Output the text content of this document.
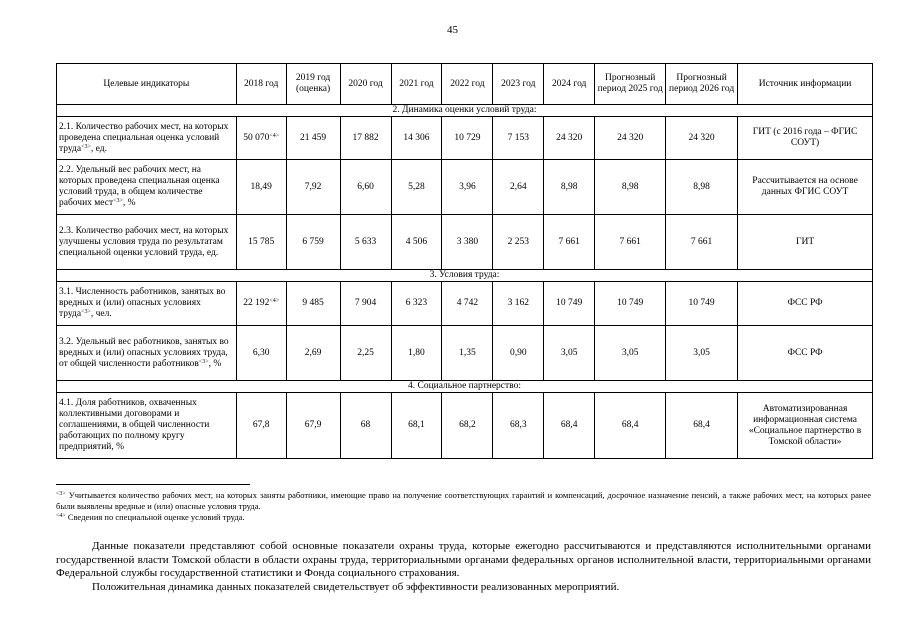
45
Целевые индикаторы	2018 год	2019 год (оценка)	2020 год	2021 год	2022 год	2023 год	2024 год	Прогнозный период 2025 год	Прогнозный период 2026 год	Источник информации
2. Динамика оценки условий труда:										
2.1. Количество рабочих мест, на которых проведена специальная оценка условий труда$^{<3>}$, ед.	50 $070^{<4>}$	21 459	17 882	14 306	10 729	7 153	24 320	24 320	24 320	ГИТ (с 2016 года – ФГИС СОУТ)
2.2. Удельный вес рабочих мест, на которых проведена специальная оценка условий труда, в общем количестве рабочих мест$^{<3>}$, %	18,49	7,92	6,60	5,28	3,96	2,64	8,98	8,98	8,98	Рассчитывается на основе данных ФГИС СОУТ
2.3. Количество рабочих мест, на которых улучшены условия труда по результатам специальной оценки условий труда, ед.	15 785	6 759	5 633	4 506	3 380	2 253	7 661	7 661	7 661	ГИТ
3. Условия труда:										
3.1. Численность работников, занятых во вредных и (или) опасных условиях труда$^{<3>}$, чел.	22 $192^{<4>}$	9 485	7 904	6 323	4 742	3 162	10 749	10 749	10 749	ФСС РФ
3.2. Удельный вес работников, занятых во вредных и (или) опасных условиях труда, от общей численности работников$^{<3>}$, %	6,30	2,69	2,25	1,80	1,35	0,90	3,05	3,05	3,05	ФСС РФ
4. Социальное партнерство:										
4.1. Доля работников, охваченных коллективными договорами и соглашениями, в общей численности работающих по полному кругу предприятий, %	67,8	67,9	68	68,1	68,2	68,3	68,4	68,4	68,4	Автоматизированная информационная система «Социальное партнерство в Томской области»

$^{<3>}$ Учитывается количество рабочих мест, на которых заняты работники, имеющие право на получение соответствующих гарантий и компенсаций, досрочное назначение пенсий, а также рабочих мест, на которых ранее были выявлены вредные и (или) опасные условия труда.

$^{<4>}$ Сведения по специальной оценке условий труда.

Данные показатели представляют собой основные показатели охраны труда, которые ежегодно рассчитываются и представляются исполнительными органами государственной власти Томской области в области охраны труда, территориальными органами федеральных органов исполнительной власти, территориальными органами Федеральной службы государственной статистики и Фонда социального страхования.

Положительная динамика данных показателей свидетельствует об эффективности реализованных мероприятий.
